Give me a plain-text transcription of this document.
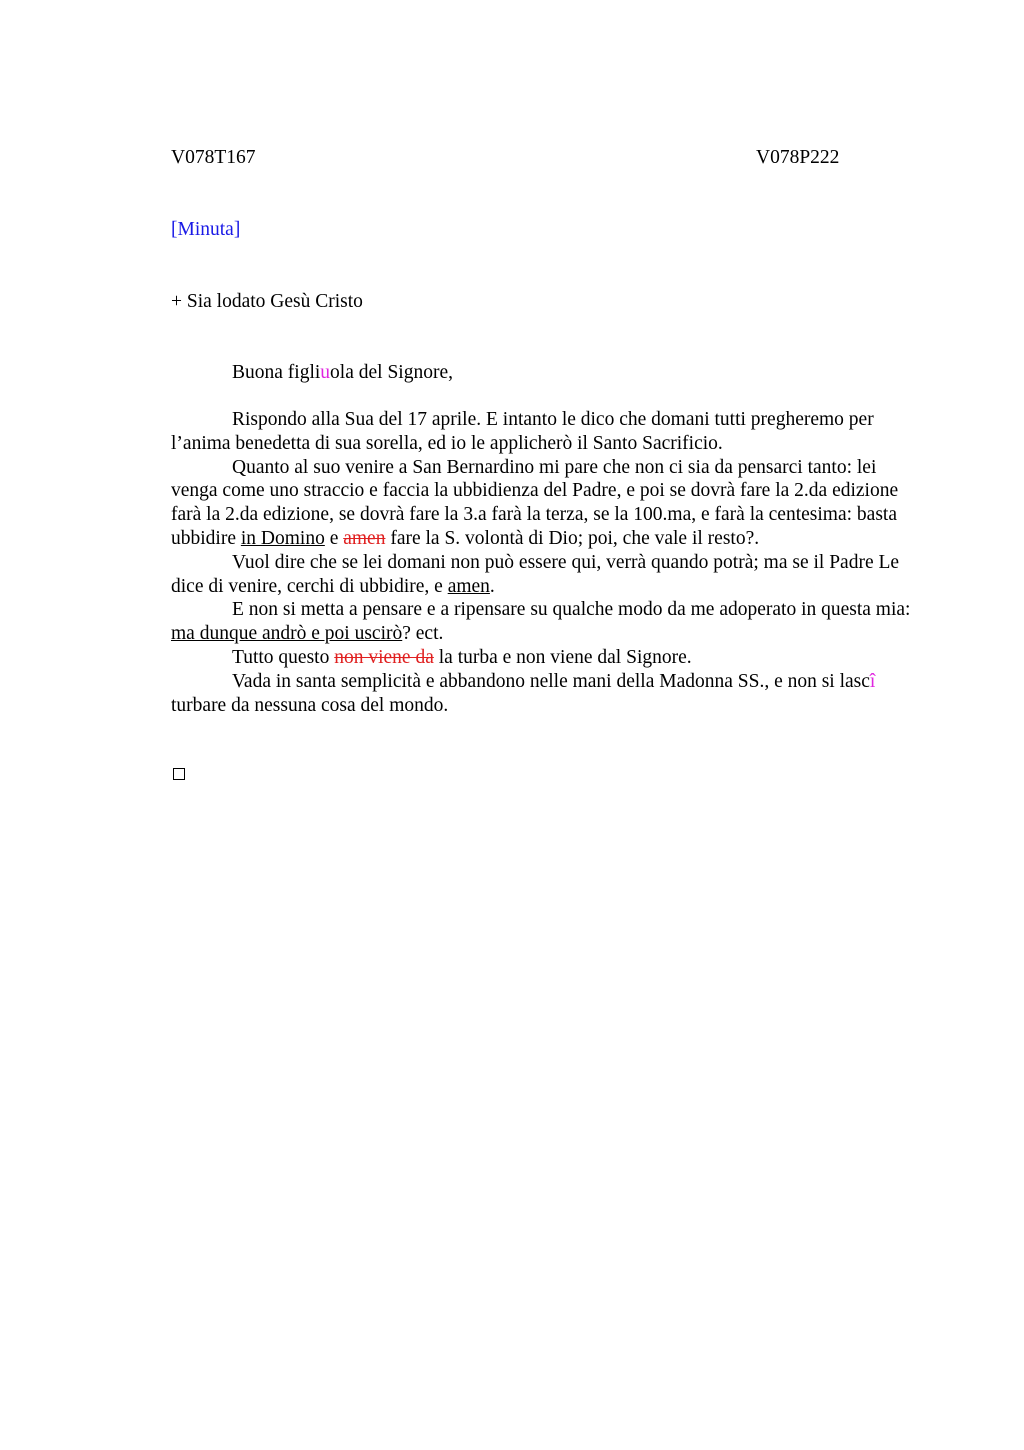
V078T167	V078P222
[Minuta]
+ Sia lodato Gesù Cristo
Buona figliuola del Signore,

Rispondo alla Sua del 17 aprile. E intanto le dico che domani tutti pregheremo per l’anima benedetta di sua sorella, ed io le applicherò il Santo Sacrificio.

Quanto al suo venire a San Bernardino mi pare che non ci sia da pensarci tanto: lei venga come uno straccio e faccia la ubbidienza del Padre, e poi se dovrà fare la 2.da edizione farà la 2.da edizione, se dovrà fare la 3.a farà la terza, se la 100.ma, e farà la centesima: basta ubbidire in Domino e amen fare la S. volontà di Dio; poi, che vale il resto?.

Vuol dire che se lei domani non può essere qui, verrà quando potrà; ma se il Padre Le dice di venire, cerchi di ubbidire, e amen.

E non si metta a pensare e a ripensare su qualche modo da me adoperato in questa mia: ma dunque andrò e poi uscirò? ect.

Tutto questo non viene da la turba e non viene dal Signore.

Vada in santa semplicità e abbandono nelle mani della Madonna SS., e non si lascî turbare da nessuna cosa del mondo.
